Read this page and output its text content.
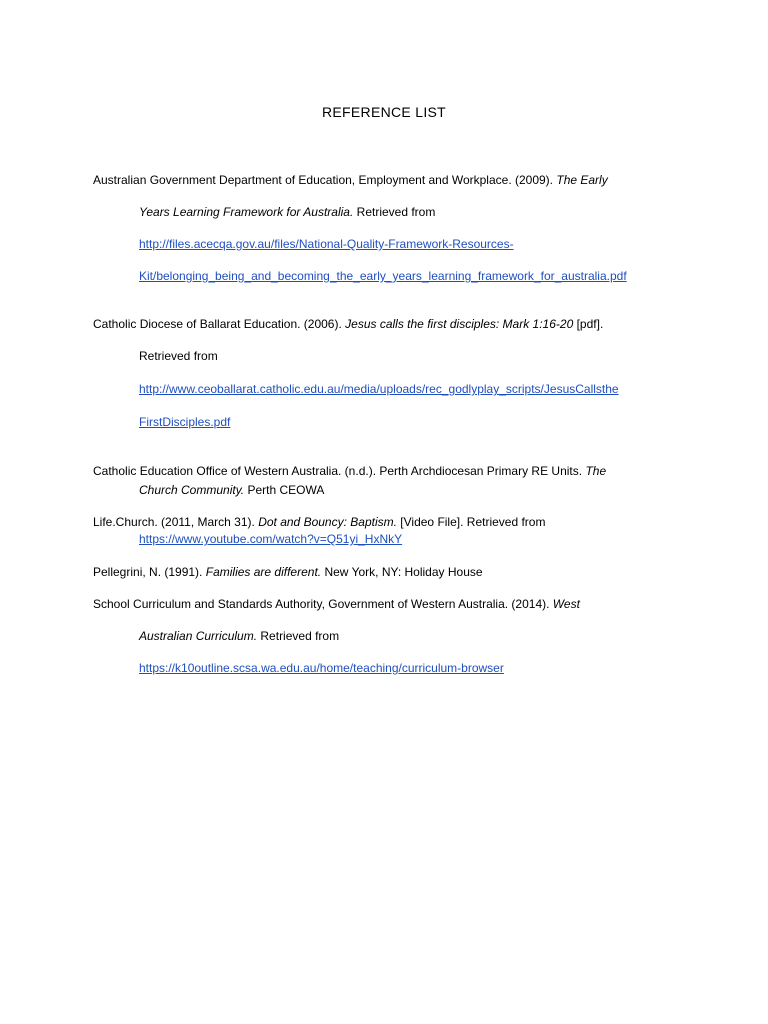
REFERENCE LIST
Australian Government Department of Education, Employment and Workplace. (2009). The Early
Years Learning Framework for Australia. Retrieved from
http://files.acecqa.gov.au/files/National-Quality-Framework-Resources-
Kit/belonging_being_and_becoming_the_early_years_learning_framework_for_australia.pdf
Catholic Diocese of Ballarat Education. (2006). Jesus calls the first disciples: Mark 1:16-20 [pdf].
Retrieved from
http://www.ceoballarat.catholic.edu.au/media/uploads/rec_godlyplay_scripts/JesusCallsthe
FirstDisciples.pdf
Catholic Education Office of Western Australia. (n.d.). Perth Archdiocesan Primary RE Units. The
Church Community. Perth CEOWA
Life.Church. (2011, March 31). Dot and Bouncy: Baptism. [Video File]. Retrieved from
https://www.youtube.com/watch?v=Q51yi_HxNkY
Pellegrini, N. (1991). Families are different. New York, NY: Holiday House
School Curriculum and Standards Authority, Government of Western Australia. (2014). West
Australian Curriculum. Retrieved from
https://k10outline.scsa.wa.edu.au/home/teaching/curriculum-browser
